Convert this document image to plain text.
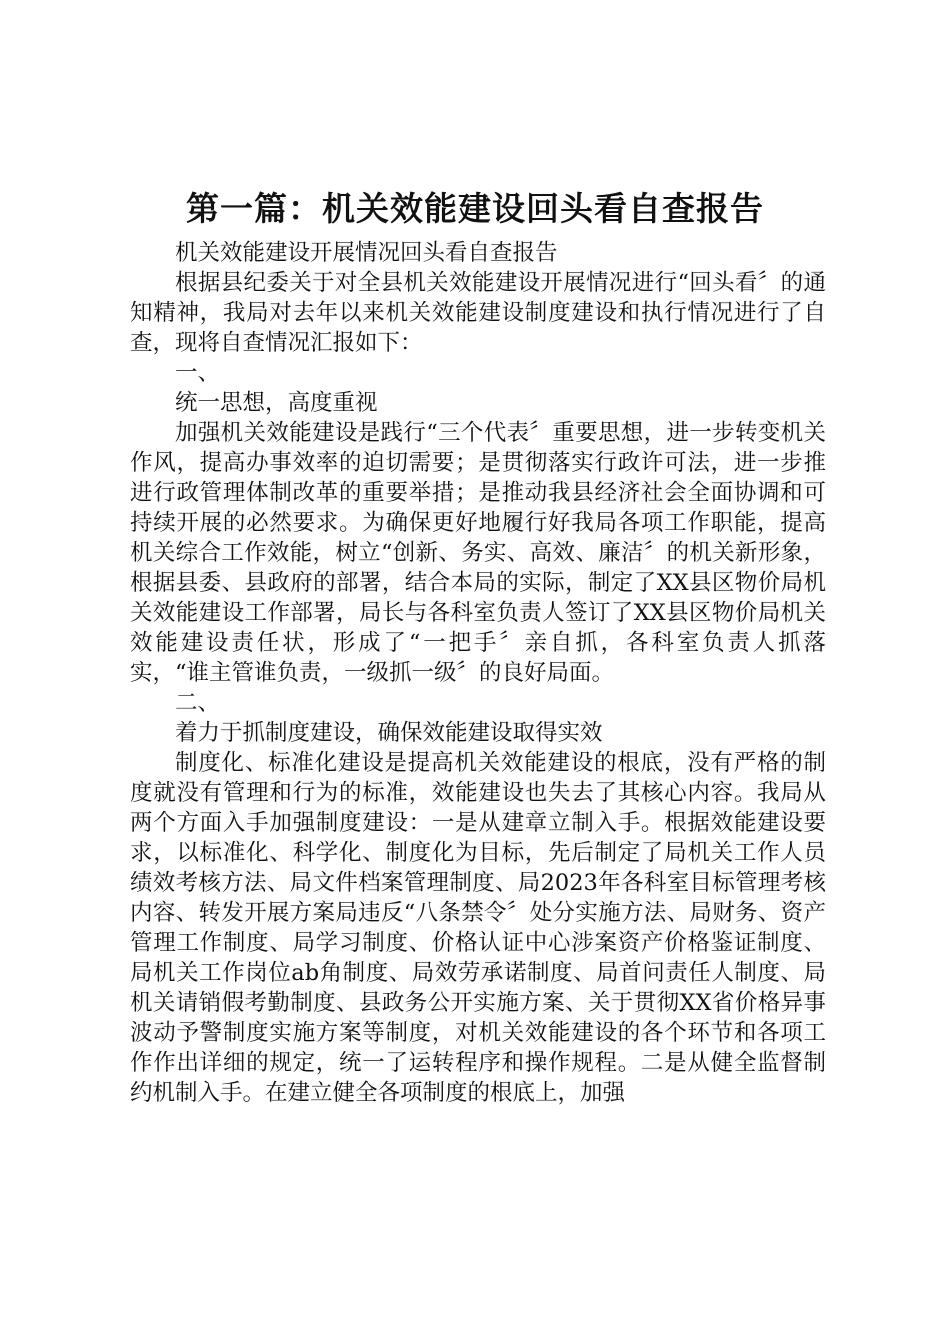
第一篇：机关效能建设回头看自查报告

机关效能建设开展情况回头看自查报告

根据县纪委关于对全县机关效能建设开展情况进行“回头看〞的通知精神，我局对去年以来机关效能建设制度建设和执行情况进行了自查，现将自查情况汇报如下：

一、

统一思想，高度重视

加强机关效能建设是践行“三个代表〞重要思想，进一步转变机关作风，提高办事效率的迫切需要；是贯彻落实行政许可法，进一步推进行政管理体制改革的重要举措；是推动我县经济社会全面协调和可持续开展的必然要求。为确保更好地履行好我局各项工作职能，提高机关综合工作效能，树立“创新、务实、高效、廉洁〞的机关新形象，根据县委、县政府的部署，结合本局的实际，制定了XX县区物价局机关效能建设工作部署，局长与各科室负责人签订了XX县区物价局机关效能建设责任状，形成了“一把手〞亲自抓，各科室负责人抓落实，“谁主管谁负责，一级抓一级〞的良好局面。

二、

着力于抓制度建设，确保效能建设取得实效

制度化、标准化建设是提高机关效能建设的根底，没有严格的制度就没有管理和行为的标准，效能建设也失去了其核心内容。我局从两个方面入手加强制度建设：一是从建章立制入手。根据效能建设要求，以标准化、科学化、制度化为目标，先后制定了局机关工作人员绩效考核方法、局文件档案管理制度、局2023年各科室目标管理考核内容、转发开展方案局违反“八条禁令〞处分实施方法、局财务、资产管理工作制度、局学习制度、价格认证中心涉案资产价格鉴证制度、局机关工作岗位ab角制度、局效劳承诺制度、局首问责任人制度、局机关请销假考勤制度、县政务公开实施方案、关于贯彻XX省价格异事波动予警制度实施方案等制度，对机关效能建设的各个环节和各项工作作出详细的规定，统一了运转程序和操作规程。二是从健全监督制约机制入手。在建立健全各项制度的根底上，加强
